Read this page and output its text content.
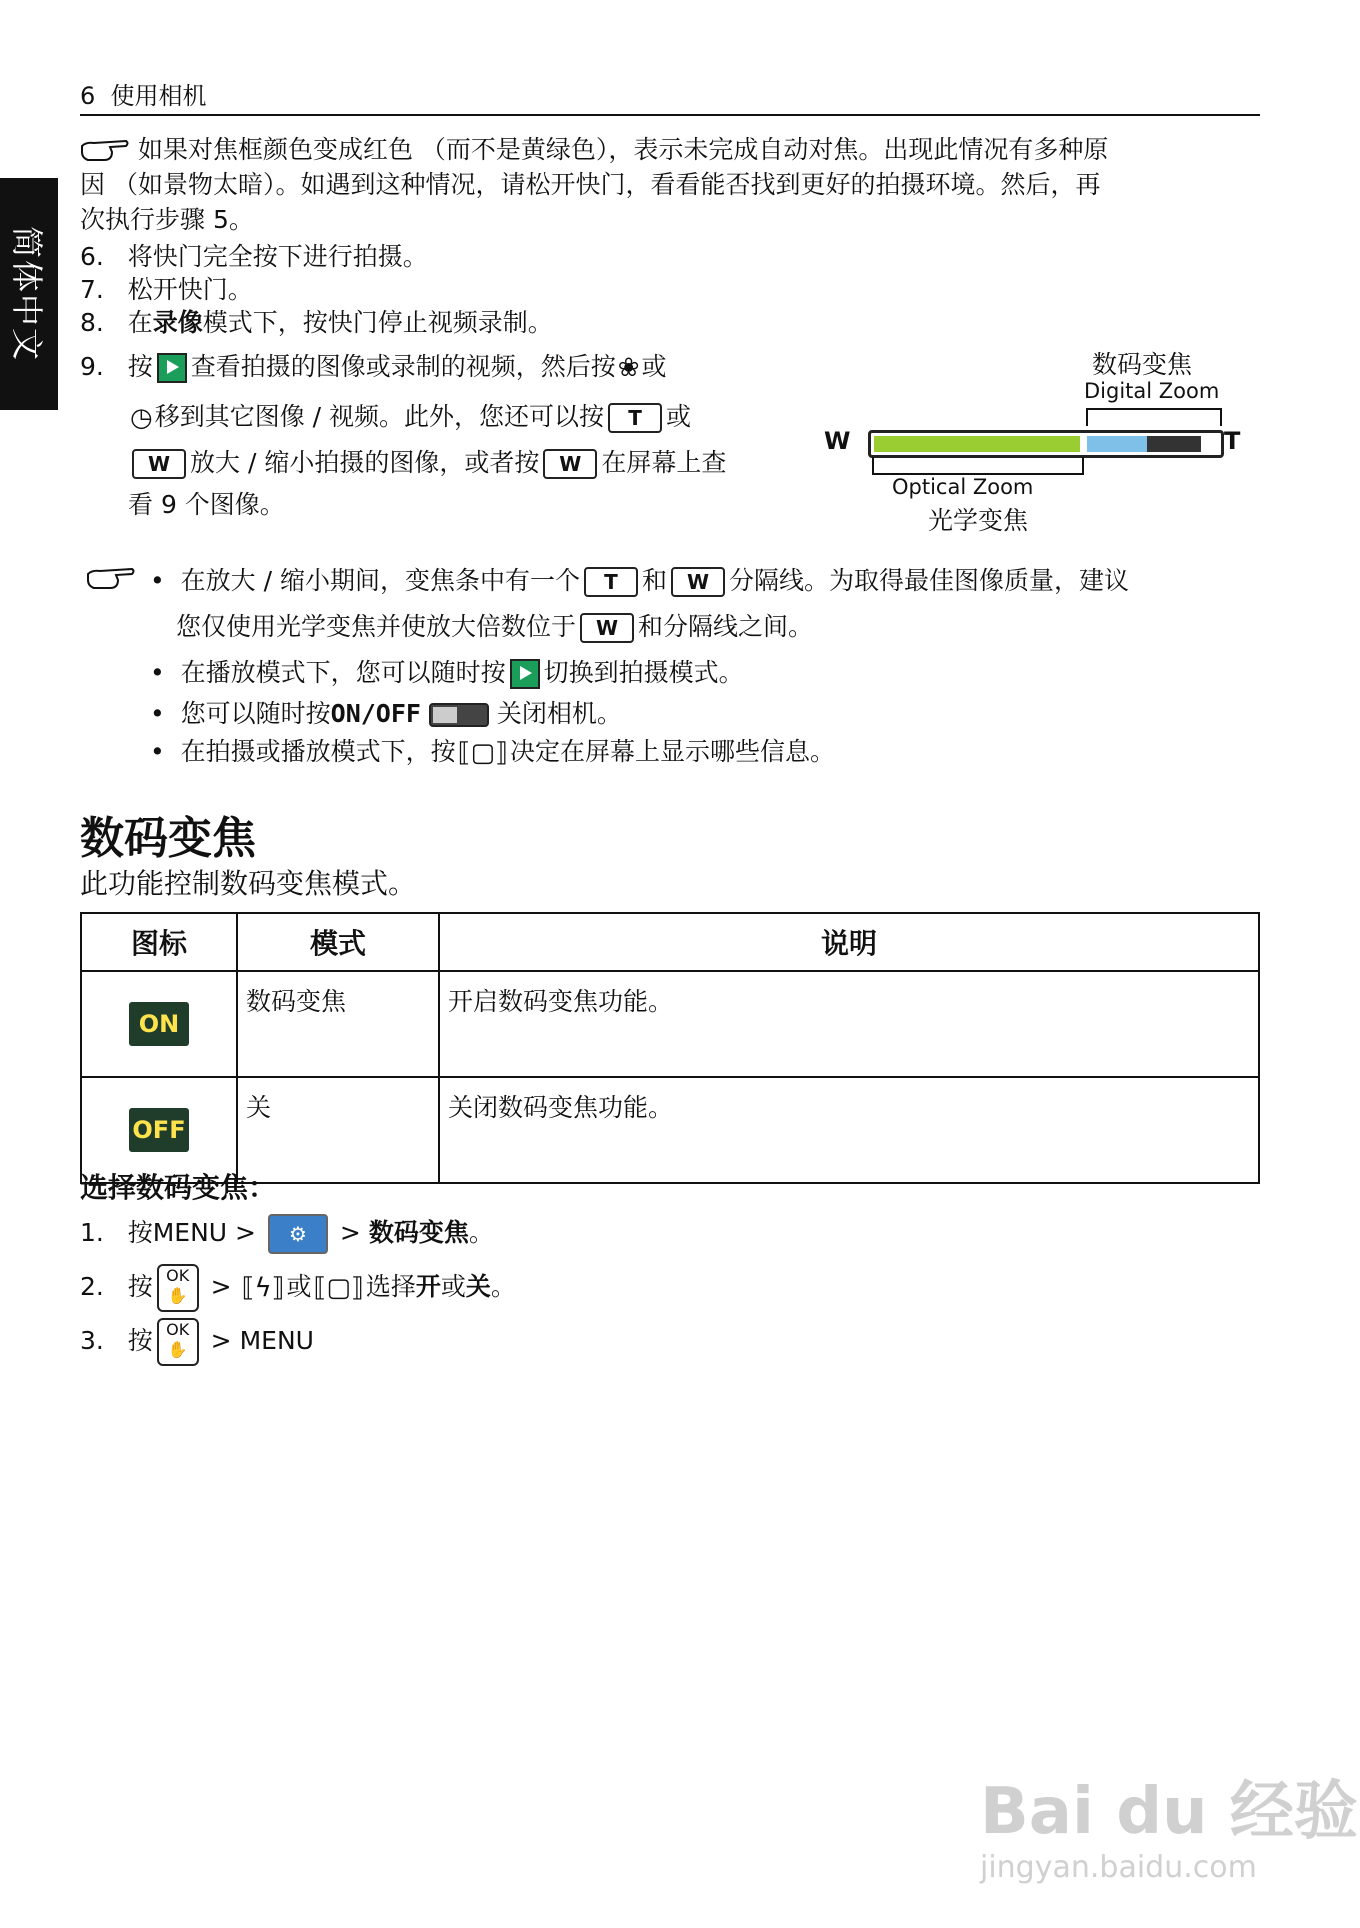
6 使用相机
简体中文
如果对焦框颜色变成红色 （而不是黄绿色），表示未完成自动对焦。出现此情况有多种原
因 （如景物太暗）。如遇到这种情况，请松开快门，看看能否找到更好的拍摄环境。然后，再
次执行步骤 5。
6. 将快门完全按下进行拍摄。
7. 松开快门。
8. 在录像模式下，按快门停止视频录制。
9. 按 查看拍摄的图像或录制的视频，然后按❀或
◷移到其它图像 / 视频。此外，您还可以按 T 或
W 放大 / 缩小拍摄的图像，或者按 W 在屏幕上查
看 9 个图像。
数码变焦
Digital Zoom
W	T
Optical Zoom
光学变焦
•  在放大 / 缩小期间，变焦条中有一个 T 和 W 分隔线。为取得最佳图像质量，建议
您仅使用光学变焦并使放大倍数位于 W 和分隔线之间。
•  在播放模式下，您可以随时按 切换到拍摄模式。
•  您可以随时按ON/OFF	关闭相机。
•  在拍摄或播放模式下，按⟦▢⟧决定在屏幕上显示哪些信息。
数码变焦
此功能控制数码变焦模式。
图标	模式	说明
ON	数码变焦	开启数码变焦功能。
OFF	关	关闭数码变焦功能。
选择数码变焦：
1. 按MENU > ⚙ > 数码变焦。
2. 按 OK
✋ > ⟦ϟ⟧或⟦▢⟧选择开或关。
3. 按 OK
✋ > MENU
Bai du 经验
jingyan.baidu.com
